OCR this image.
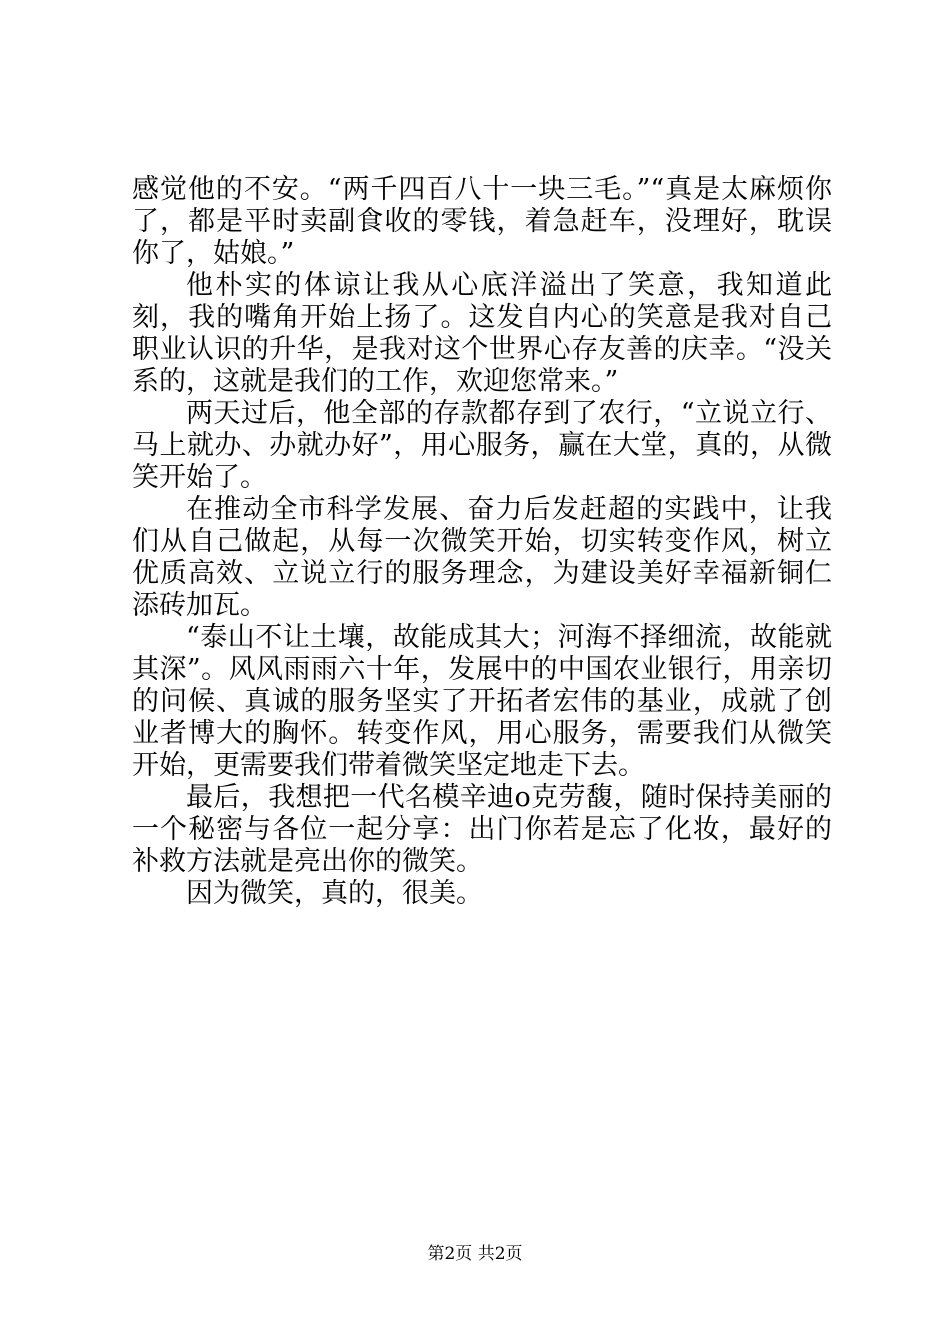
感觉他的不安。“两千四百八十一块三毛。”“真是太麻烦你了，都是平时卖副食收的零钱，着急赶车，没理好，耽误你了，姑娘。”

他朴实的体谅让我从心底洋溢出了笑意，我知道此刻，我的嘴角开始上扬了。这发自内心的笑意是我对自己职业认识的升华，是我对这个世界心存友善的庆幸。“没关系的，这就是我们的工作，欢迎您常来。”

两天过后，他全部的存款都存到了农行，“立说立行、马上就办、办就办好”，用心服务，赢在大堂，真的，从微笑开始了。

在推动全市科学发展、奋力后发赶超的实践中，让我们从自己做起，从每一次微笑开始，切实转变作风，树立优质高效、立说立行的服务理念，为建设美好幸福新铜仁添砖加瓦。

“泰山不让土壤，故能成其大；河海不择细流，故能就其深”。风风雨雨六十年，发展中的中国农业银行，用亲切的问候、真诚的服务坚实了开拓者宏伟的基业，成就了创业者博大的胸怀。转变作风，用心服务，需要我们从微笑开始，更需要我们带着微笑坚定地走下去。

最后，我想把一代名模辛迪o克劳馥，随时保持美丽的一个秘密与各位一起分享：出门你若是忘了化妆，最好的补救方法就是亮出你的微笑。

因为微笑，真的，很美。

第2页 共2页
